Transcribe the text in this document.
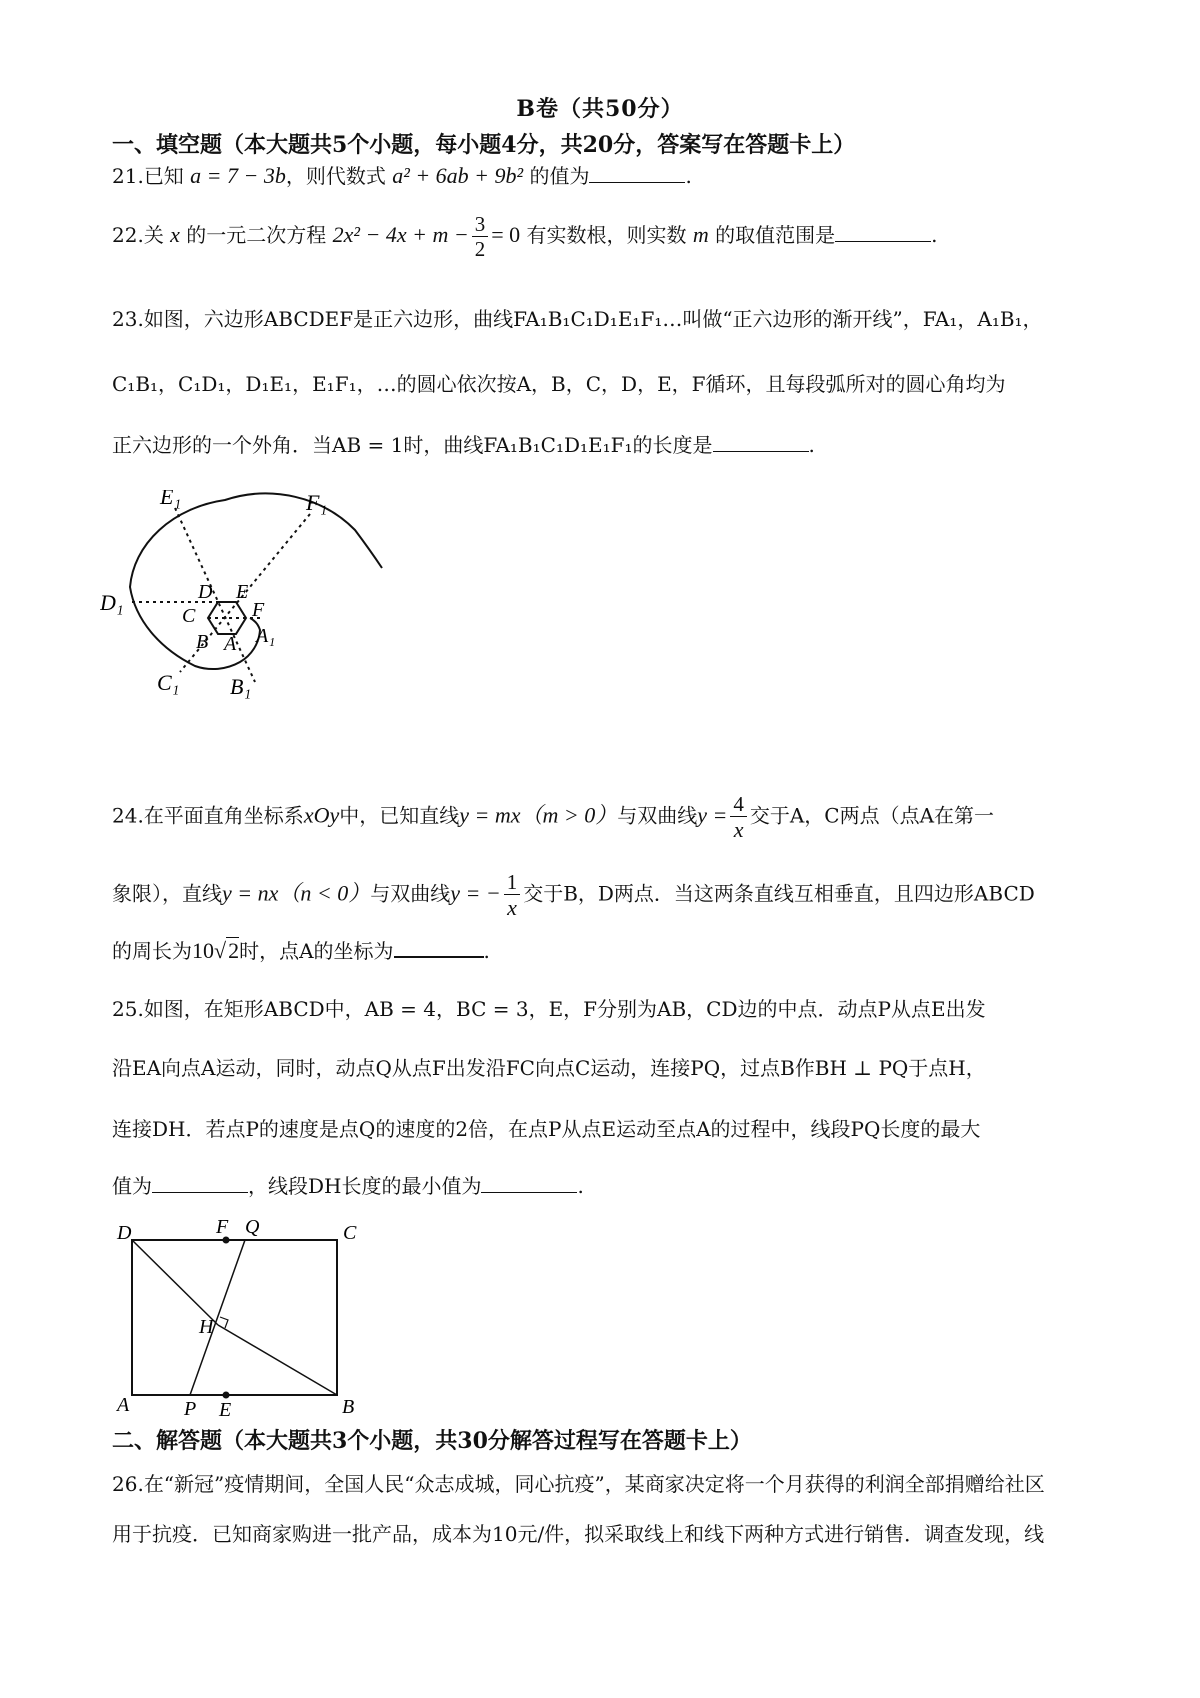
B卷（共50分）
一、填空题（本大题共5个小题，每小题4分，共20分，答案写在答题卡上）
21.已知 a = 7 − 3b，则代数式 a² + 6ab + 9b² 的值为	.
22.关 x 的一元二次方程 $2x^2 - 4x + m - \frac{3}{2} = 0$ 有实数根，则实数 m 的取值范围是	.
23.如图，六边形ABCDEF是正六边形，曲线FA₁B₁C₁D₁E₁F₁…叫做“正六边形的渐开线”，FA₁，A₁B₁，
C₁B₁，C₁D₁，D₁E₁，E₁F₁，…的圆心依次按A，B，C，D，E，F循环，且每段弧所对的圆心角均为
正六边形的一个外角．当AB = 1时，曲线FA₁B₁C₁D₁E₁F₁的长度是	.
E₁	F₁
D₁
C₁ B₁
A₁
D E
F
C
B A
24.在平面直角坐标系xOy中，已知直线y = mx（m > 0）与双曲线$y = \frac{4}{x}$ 交于A，C两点（点A在第一
象限），直线y = nx（n < 0）与双曲线y = − $\frac{1}{x}$ 交于B，D两点．当这两条直线互相垂直，且四边形ABCD
的周长为10√2时，点A的坐标为	.
25.如图，在矩形ABCD中，AB = 4，BC = 3，E，F分别为AB，CD边的中点．动点P从点E出发
沿EA向点A运动，同时，动点Q从点F出发沿FC向点C运动，连接PQ，过点B作BH ⊥ PQ于点H，
连接DH．若点P的速度是点Q的速度的2倍，在点P从点E运动至点A的过程中，线段PQ长度的最大
值为	，线段DH长度的最小值为	.
D	F Q	C
H
A	P E	B
二、解答题（本大题共3个小题，共30分解答过程写在答题卡上）
26.在“新冠”疫情期间，全国人民“众志成城，同心抗疫”，某商家决定将一个月获得的利润全部捐赠给社区
用于抗疫．已知商家购进一批产品，成本为10元/件，拟采取线上和线下两种方式进行销售．调查发现，线
